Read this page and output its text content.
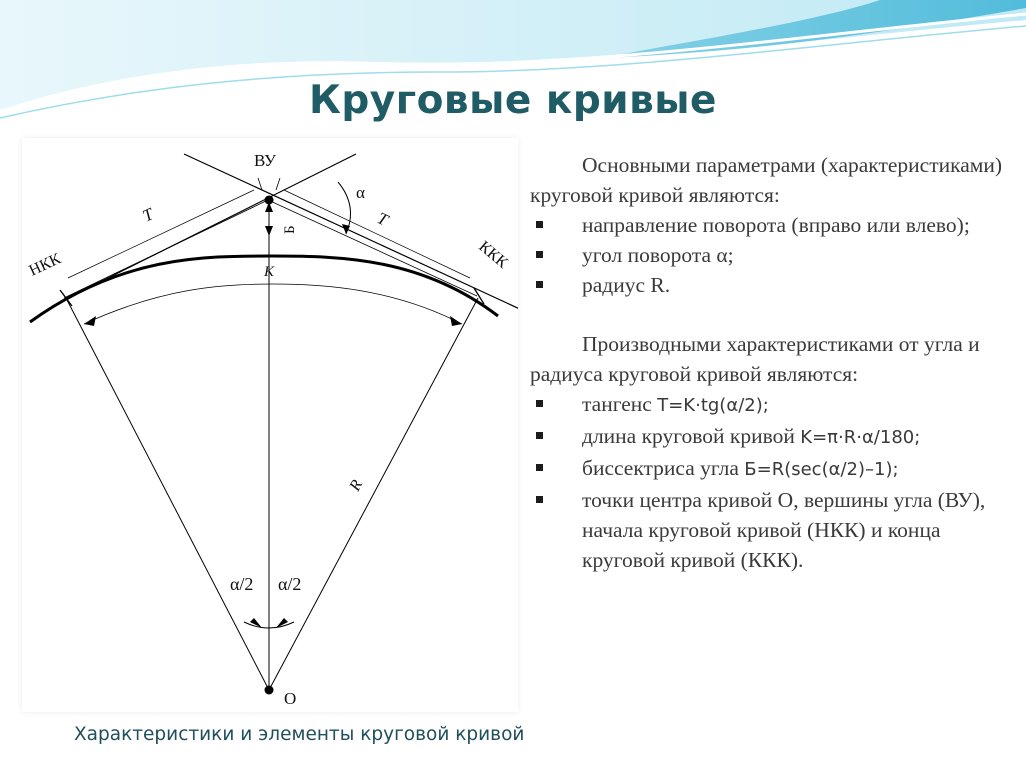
Круговые кривые
ВУ
НКК	ККК
T	T
Б
K
R
α
α/2 α/2
O

Основными параметрами (характеристиками) круговой кривой являются:

направление поворота (вправо или влево);
угол поворота α;
радиус R.

Производными характеристиками от угла и радиуса круговой кривой являются:

тангенс T=K·tg(α/2);
длина круговой кривой K=π·R·α/180;
биссектриса угла Б=R(sec(α/2)–1);
точки центра кривой О, вершины угла (ВУ), начала круговой кривой (НКК) и конца круговой кривой (ККК).
Характеристики и элементы круговой кривой
